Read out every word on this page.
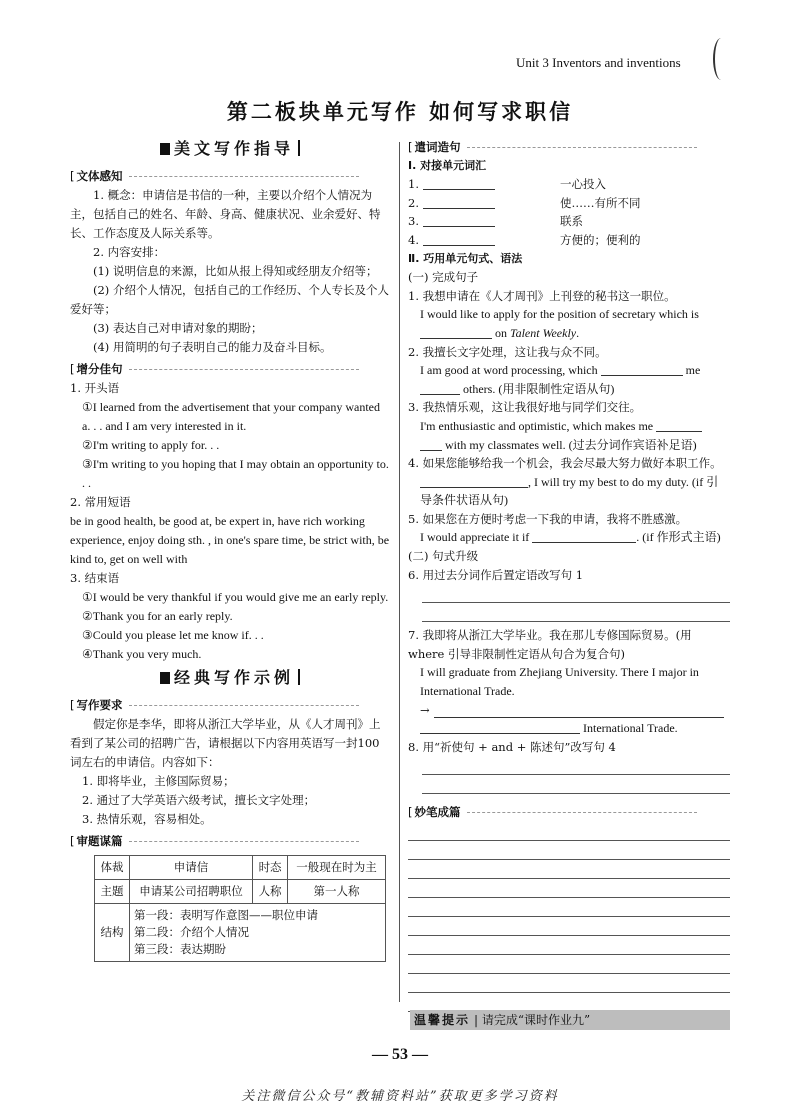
Unit 3 Inventors and inventions
第二板块单元写作 如何写求职信
美文写作指导
[ 文体感知

1. 概念：申请信是书信的一种，主要以介绍个人情况为主，包括自己的姓名、年龄、身高、健康状况、业余爱好、特长、工作态度及人际关系等。

2. 内容安排：

(1) 说明信息的来源，比如从报上得知或经朋友介绍等；

(2) 介绍个人情况，包括自己的工作经历、个人专长及个人爱好等；

(3) 表达自己对申请对象的期盼；

(4) 用简明的句子表明自己的能力及奋斗目标。

[ 增分佳句

1. 开头语

①I learned from the advertisement that your company wanted a. . . and I am very interested in it.

②I'm writing to apply for. . .

③I'm writing to you hoping that I may obtain an opportunity to. . .

2. 常用短语

be in good health, be good at, be expert in, have rich working experience, enjoy doing sth. , in one's spare time, be strict with, be kind to, get on well with

3. 结束语

①I would be very thankful if you would give me an early reply.

②Thank you for an early reply.

③Could you please let me know if. . .

④Thank you very much.

经典写作示例
[ 写作要求

假定你是李华，即将从浙江大学毕业，从《人才周刊》上看到了某公司的招聘广告，请根据以下内容用英语写一封100词左右的申请信。内容如下：

1. 即将毕业，主修国际贸易；

2. 通过了大学英语六级考试，擅长文字处理；

3. 热情乐观，容易相处。

[ 审题谋篇
体裁	申请信	时态	一般现在时为主
主题	申请某公司招聘职位	人称	第一人称
结构	第一段：表明写作意图——职位申请
第二段：介绍个人情况
第三段：表达期盼		
[ 遣词造句

Ⅰ. 对接单元词汇

1.	一心投入
2.	使……有所不同
3.	联系
4.	方便的；便利的

Ⅱ. 巧用单元句式、语法

(一) 完成句子

1. 我想申请在《人才周刊》上刊登的秘书这一职位。

I would like to apply for the position of secretary which is
on Talent Weekly.

2. 我擅长文字处理，这让我与众不同。

I am good at word processing, which	me
others. (用非限制性定语从句)

3. 我热情乐观，这让我很好地与同学们交往。

I'm enthusiastic and optimistic, which makes me
with my classmates well. (过去分词作宾语补足语)

4. 如果您能够给我一个机会，我会尽最大努力做好本职工作。

, I will try my best to do my duty. (if 引导条件状语从句)

5. 如果您在方便时考虑一下我的申请，我将不胜感激。

I would appreciate it if	. (if 作形式主语)

(二) 句式升级

6. 用过去分词作后置定语改写句 1

7. 我即将从浙江大学毕业。我在那儿专修国际贸易。(用 where 引导非限制性定语从句合为复合句)

I will graduate from Zhejiang University. There I major in International Trade.

→
International Trade.

8. 用“祈使句 + and + 陈述句”改写句 4

[ 妙笔成篇
温馨提示 | 请完成“课时作业九”
— 53 —
关注微信公众号“教辅资料站”获取更多学习资料
